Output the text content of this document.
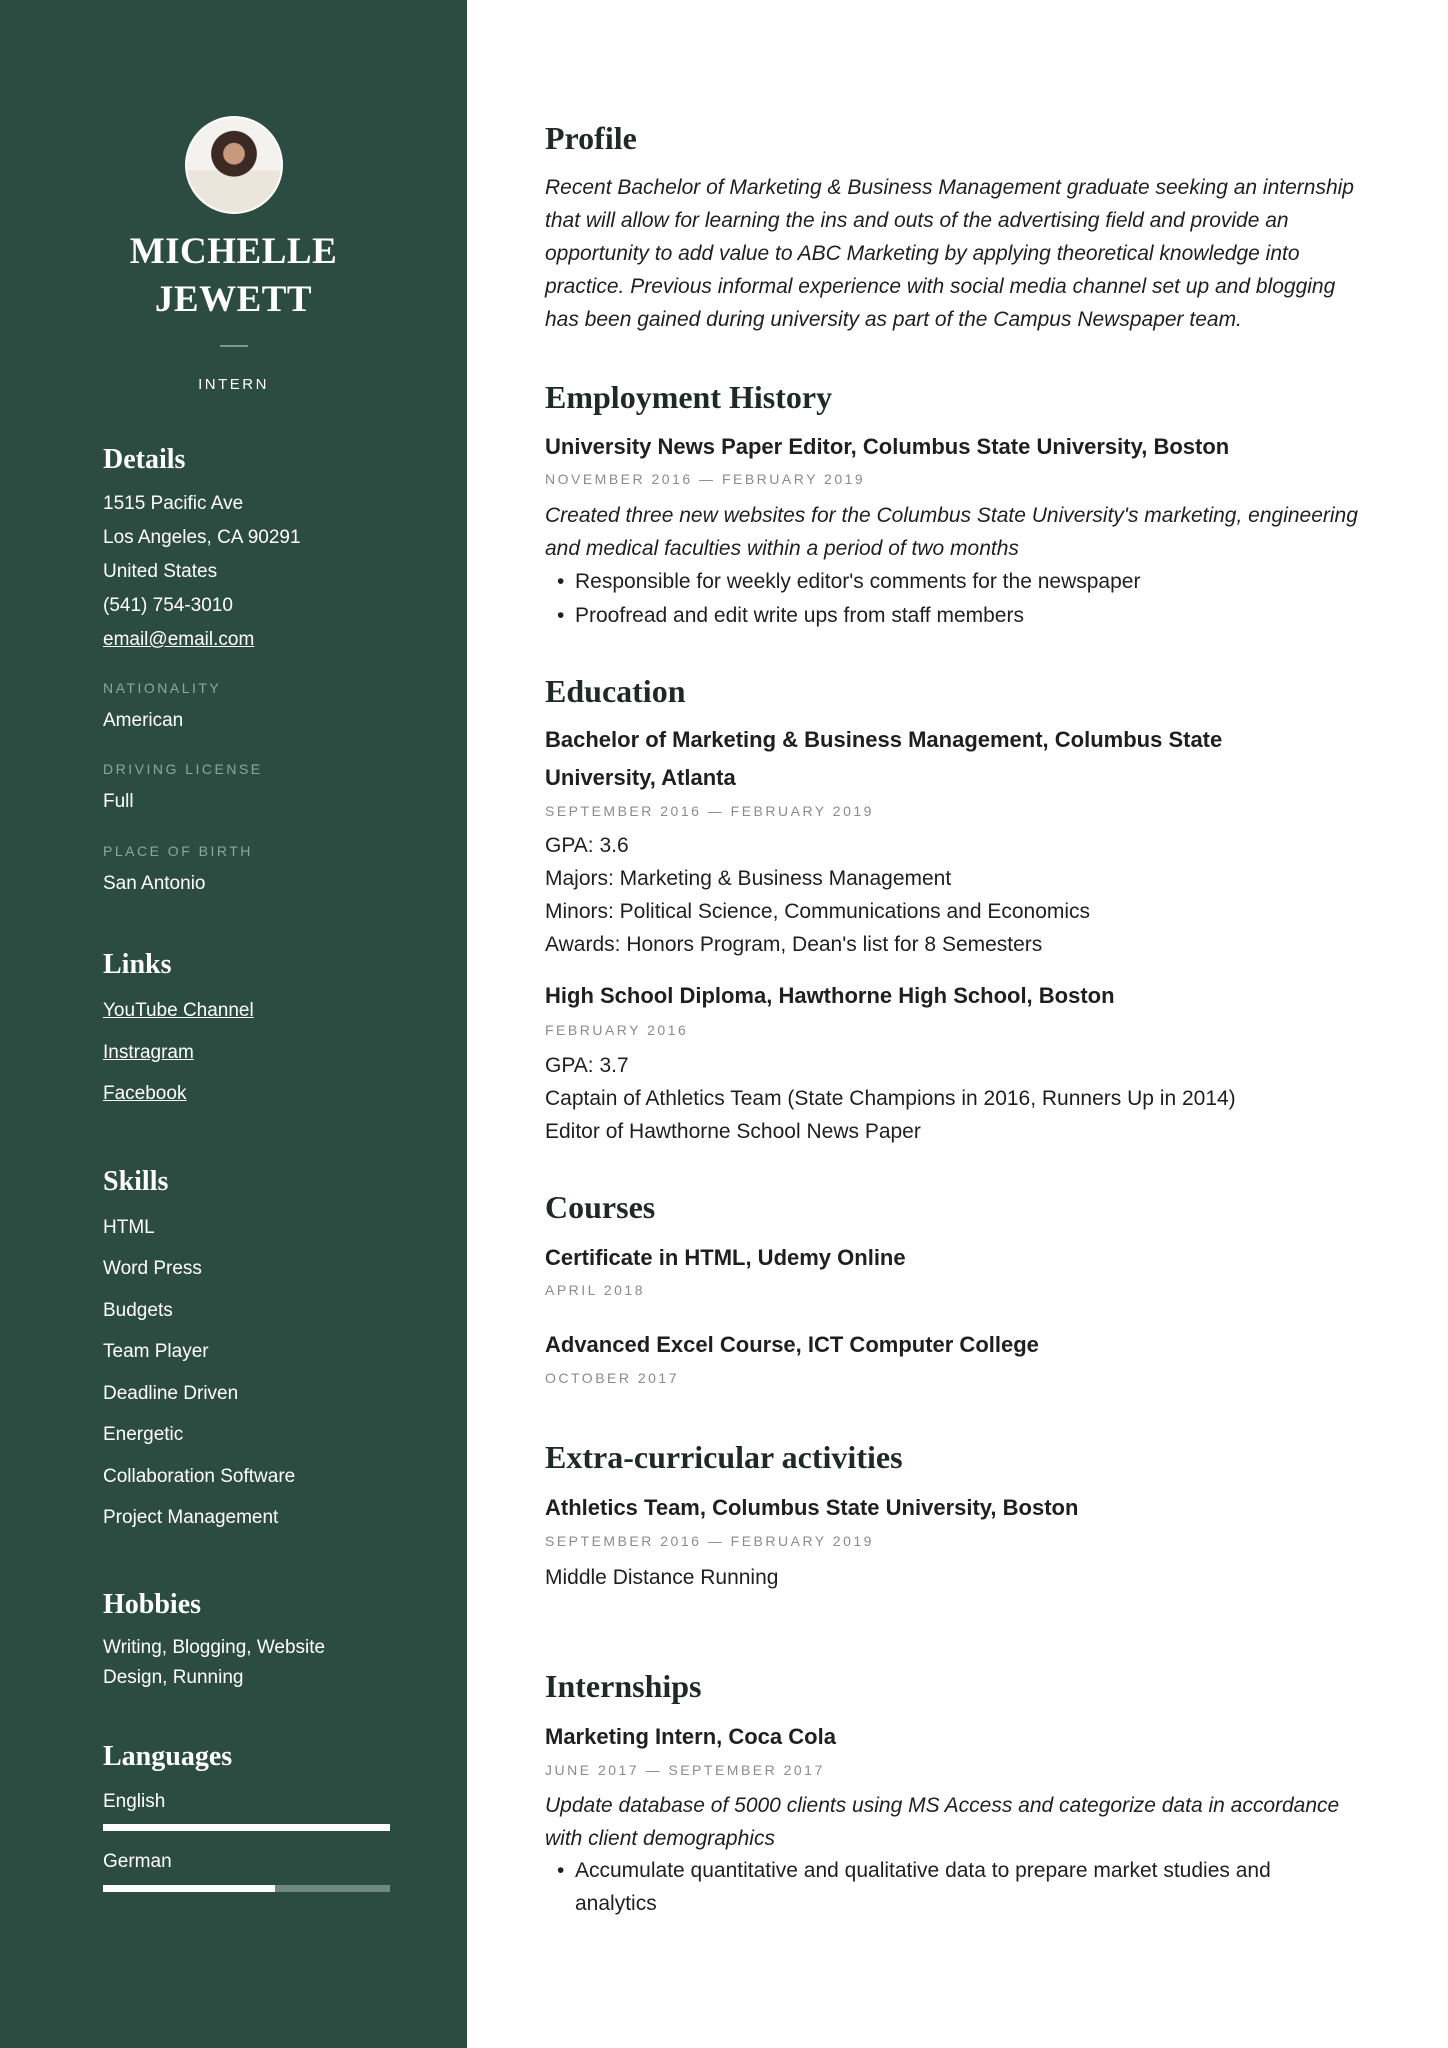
MICHELLE
JEWETT
INTERN
Details
1515 Pacific Ave
Los Angeles, CA 90291
United States
(541) 754-3010
email@email.com
NATIONALITY
American
DRIVING LICENSE
Full
PLACE OF BIRTH
San Antonio
Links
YouTube Channel
Instragram
Facebook
Skills
HTML
Word Press
Budgets
Team Player
Deadline Driven
Energetic
Collaboration Software
Project Management
Hobbies
Writing, Blogging, Website
Design, Running
Languages
English
German
Profile
Recent Bachelor of Marketing & Business Management graduate seeking an internship
that will allow for learning the ins and outs of the advertising field and provide an
opportunity to add value to ABC Marketing by applying theoretical knowledge into
practice. Previous informal experience with social media channel set up and blogging
has been gained during university as part of the Campus Newspaper team.
Employment History
University News Paper Editor, Columbus State University, Boston
NOVEMBER 2016 — FEBRUARY 2019
Created three new websites for the Columbus State University's marketing, engineering
and medical faculties within a period of two months
• Responsible for weekly editor's comments for the newspaper
• Proofread and edit write ups from staff members
Education
Bachelor of Marketing & Business Management, Columbus State
University, Atlanta
SEPTEMBER 2016 — FEBRUARY 2019
GPA: 3.6
Majors: Marketing & Business Management
Minors: Political Science, Communications and Economics
Awards: Honors Program, Dean's list for 8 Semesters
High School Diploma, Hawthorne High School, Boston
FEBRUARY 2016
GPA: 3.7
Captain of Athletics Team (State Champions in 2016, Runners Up in 2014)
Editor of Hawthorne School News Paper
Courses
Certificate in HTML, Udemy Online
APRIL 2018
Advanced Excel Course, ICT Computer College
OCTOBER 2017
Extra-curricular activities
Athletics Team, Columbus State University, Boston
SEPTEMBER 2016 — FEBRUARY 2019
Middle Distance Running
Internships
Marketing Intern, Coca Cola
JUNE 2017 — SEPTEMBER 2017
Update database of 5000 clients using MS Access and categorize data in accordance
with client demographics
• Accumulate quantitative and qualitative data to prepare market studies and
analytics
